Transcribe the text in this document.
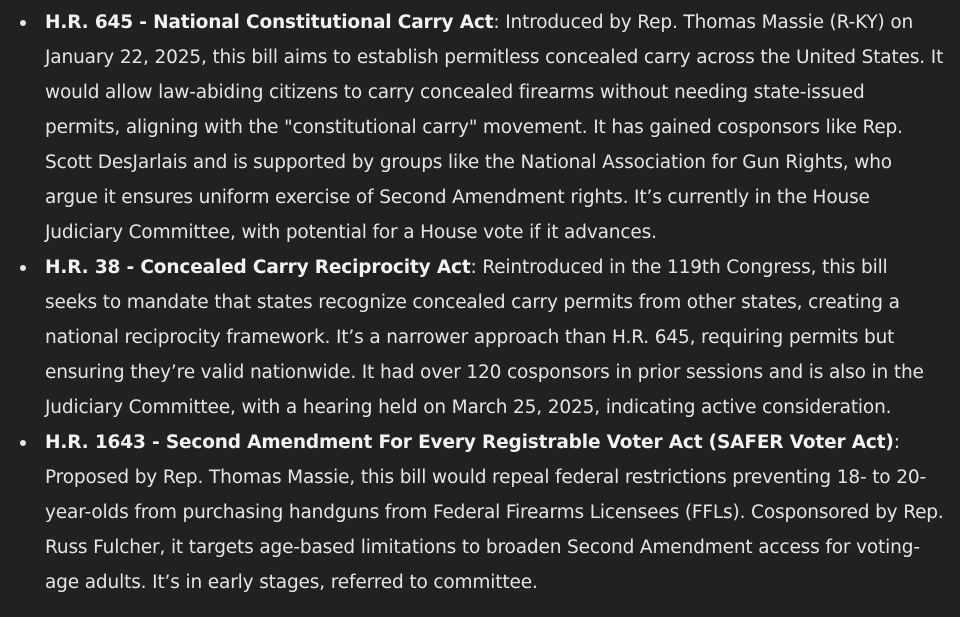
H.R. 645 - National Constitutional Carry Act: Introduced by Rep. Thomas Massie (R-KY) on January 22, 2025, this bill aims to establish permitless concealed carry across the United States. It would allow law-abiding citizens to carry concealed firearms without needing state-issued permits, aligning with the "constitutional carry" movement. It has gained cosponsors like Rep. Scott DesJarlais and is supported by groups like the National Association for Gun Rights, who argue it ensures uniform exercise of Second Amendment rights. It’s currently in the House Judiciary Committee, with potential for a House vote if it advances.
H.R. 38 - Concealed Carry Reciprocity Act: Reintroduced in the 119th Congress, this bill seeks to mandate that states recognize concealed carry permits from other states, creating a national reciprocity framework. It’s a narrower approach than H.R. 645, requiring permits but ensuring they’re valid nationwide. It had over 120 cosponsors in prior sessions and is also in the Judiciary Committee, with a hearing held on March 25, 2025, indicating active consideration.
H.R. 1643 - Second Amendment For Every Registrable Voter Act (SAFER Voter Act): Proposed by Rep. Thomas Massie, this bill would repeal federal restrictions preventing 18- to 20-year-olds from purchasing handguns from Federal Firearms Licensees (FFLs). Cosponsored by Rep. Russ Fulcher, it targets age-based limitations to broaden Second Amendment access for voting-age adults. It’s in early stages, referred to committee.
